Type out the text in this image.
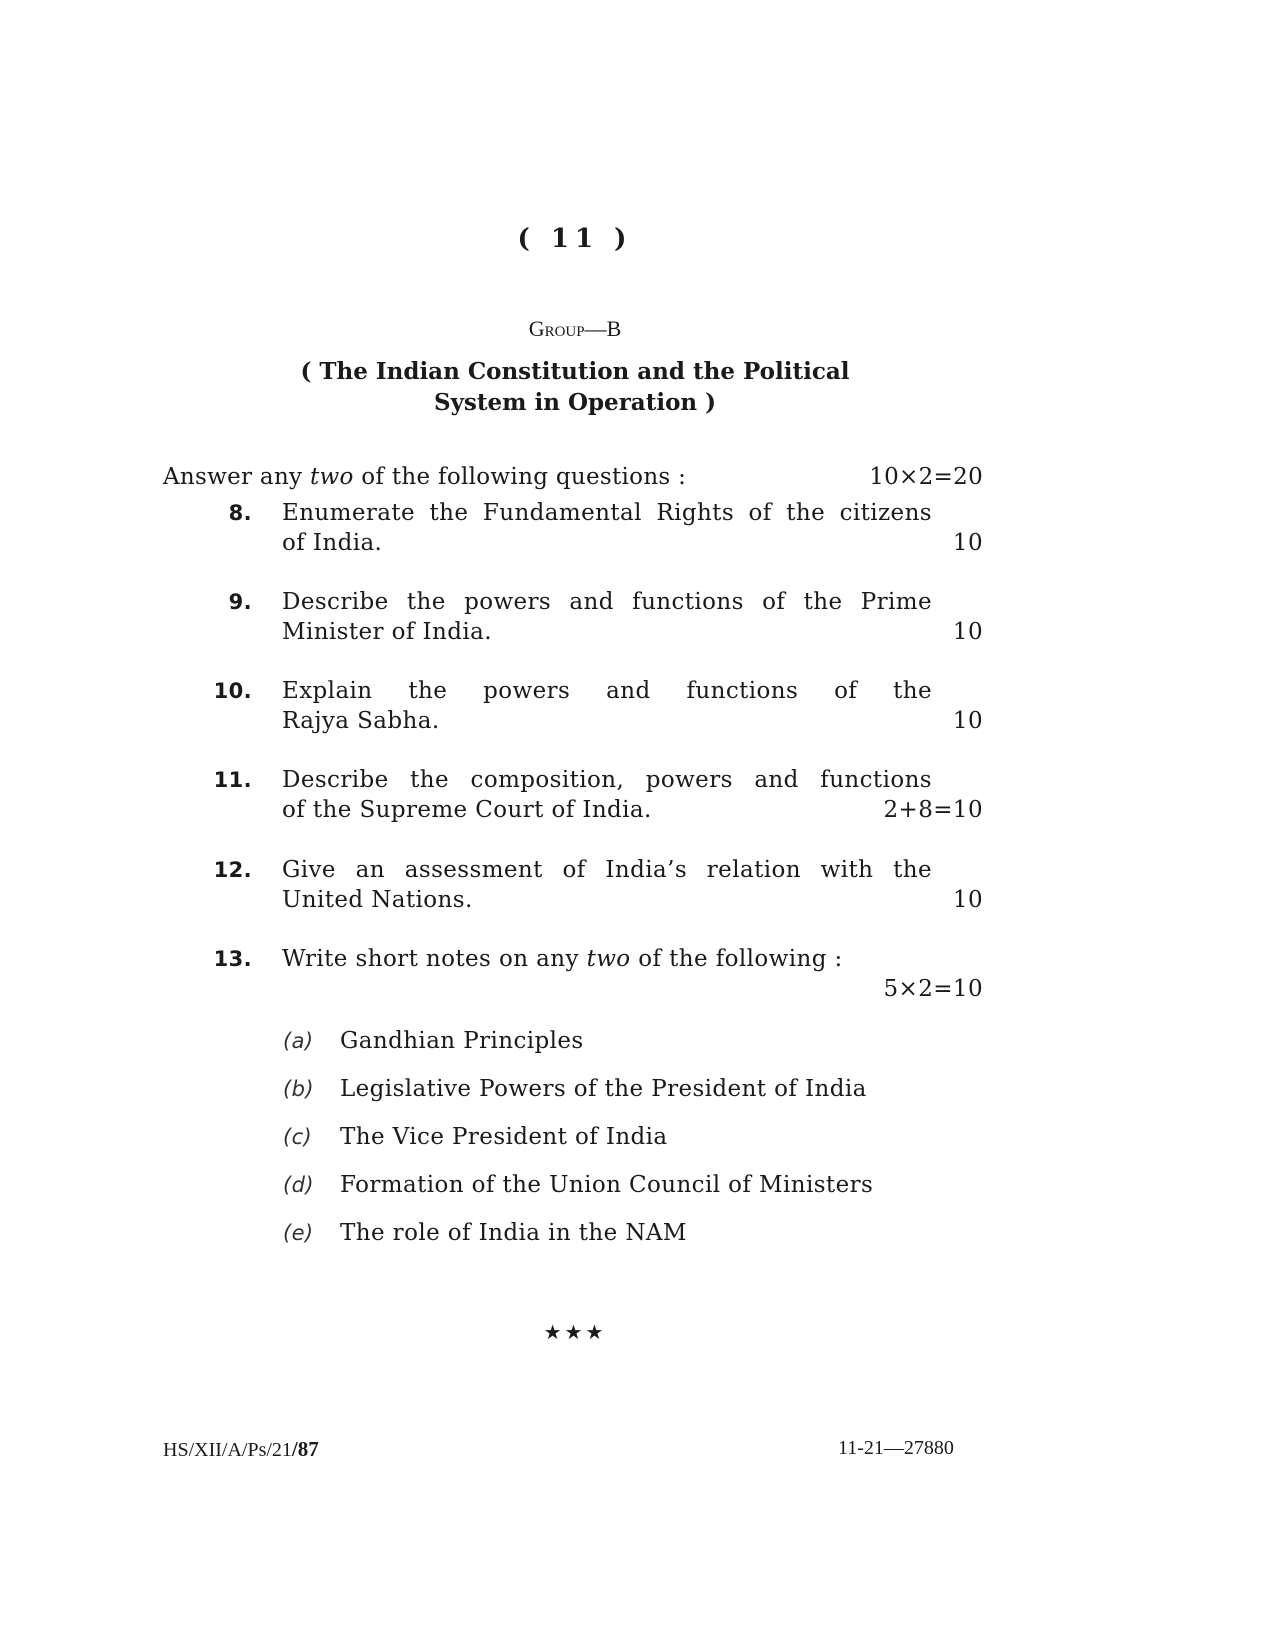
( 11 )
Group—B
( The Indian Constitution and the Political
System in Operation )
Answer any two of the following questions :	10×2=20
8. Enumerate the Fundamental Rights of the citizens
of India.	10
9. Describe the powers and functions of the Prime
Minister of India.	10
10. Explain the powers and functions of the
Rajya Sabha.	10
11. Describe the composition, powers and functions
of the Supreme Court of India.	2+8=10
12. Give an assessment of India’s relation with the
United Nations.	10
13. Write short notes on any two of the following :
5×2=10
(a) Gandhian Principles
(b) Legislative Powers of the President of India
(c) The Vice President of India
(d) Formation of the Union Council of Ministers
(e) The role of India in the NAM
★★★
HS/XII/A/Ps/21/87	11-21—27880
